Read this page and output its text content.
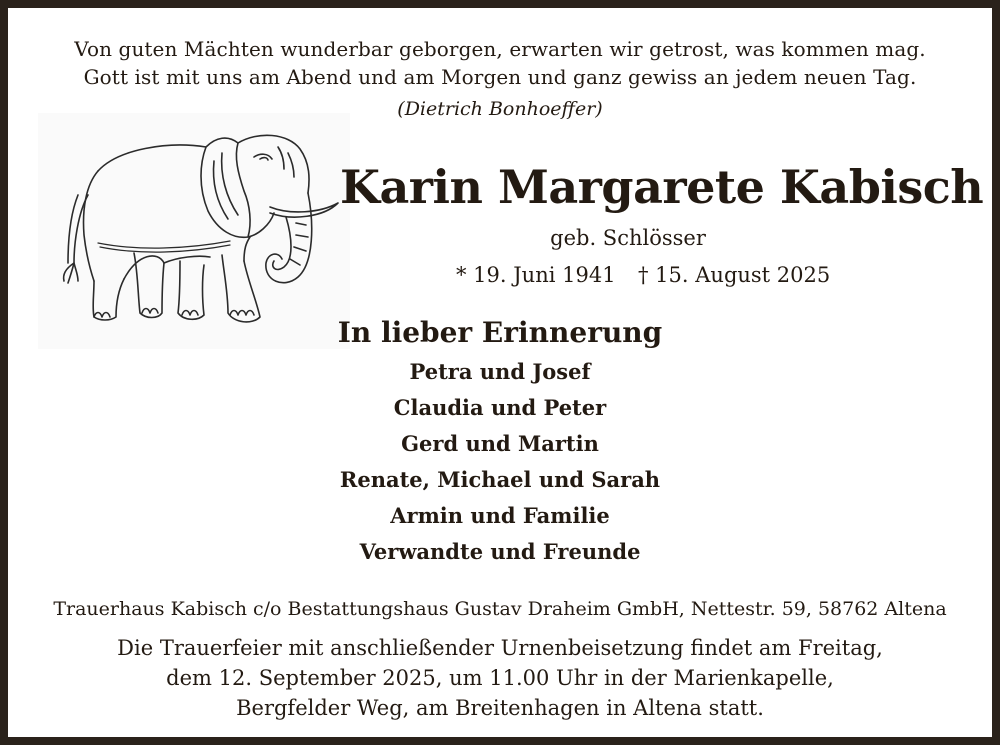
Von guten Mächten wunderbar geborgen, erwarten wir getrost, was kommen mag.
Gott ist mit uns am Abend und am Morgen und ganz gewiss an jedem neuen Tag.
(Dietrich Bonhoeffer)
Karin Margarete Kabisch
geb. Schlösser
* 19. Juni 1941 † 15. August 2025
In lieber Erinnerung
Petra und Josef
Claudia und Peter
Gerd und Martin
Renate, Michael und Sarah
Armin und Familie
Verwandte und Freunde
Trauerhaus Kabisch c/o Bestattungshaus Gustav Draheim GmbH, Nettestr. 59, 58762 Altena
Die Trauerfeier mit anschließender Urnenbeisetzung findet am Freitag,
dem 12. September 2025, um 11.00 Uhr in der Marienkapelle,
Bergfelder Weg, am Breitenhagen in Altena statt.
